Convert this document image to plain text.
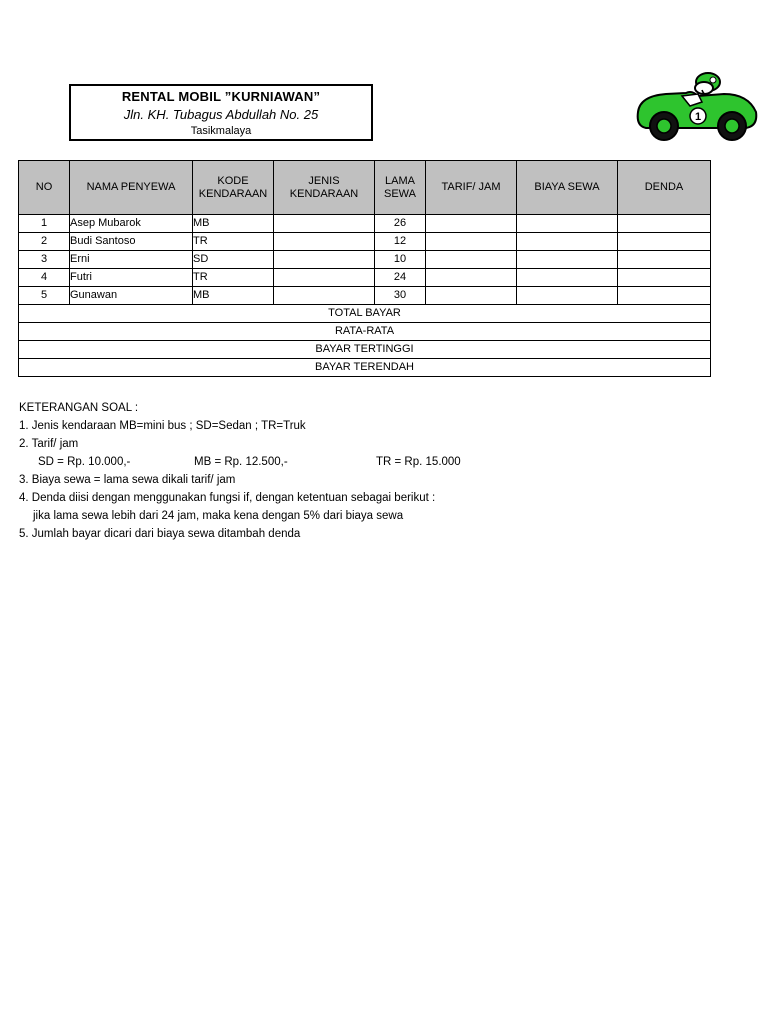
RENTAL MOBIL ”KURNIAWAN”
Jln. KH. Tubagus Abdullah No. 25
Tasikmalaya
1
NO	NAMA PENYEWA	KODE KENDARAAN	JENIS KENDARAAN	LAMA SEWA	TARIF/ JAM	BIAYA SEWA	DENDA
1	Asep Mubarok	MB		26			
2	Budi Santoso	TR		12			
3	Erni	SD		10			
4	Futri	TR		24			
5	Gunawan	MB		30			
TOTAL BAYAR							
RATA-RATA							
BAYAR TERTINGGI							
BAYAR TERENDAH							
KETERANGAN SOAL :
1. Jenis kendaraan MB=mini bus ; SD=Sedan ; TR=Truk
2. Tarif/ jam
SD = Rp. 10.000,-	MB = Rp. 12.500,-	TR = Rp. 15.000
3. Biaya sewa = lama sewa dikali tarif/ jam
4. Denda diisi dengan menggunakan fungsi if, dengan ketentuan sebagai berikut :
jika lama sewa lebih dari 24 jam, maka kena dengan 5% dari biaya sewa
5. Jumlah bayar dicari dari biaya sewa ditambah denda
